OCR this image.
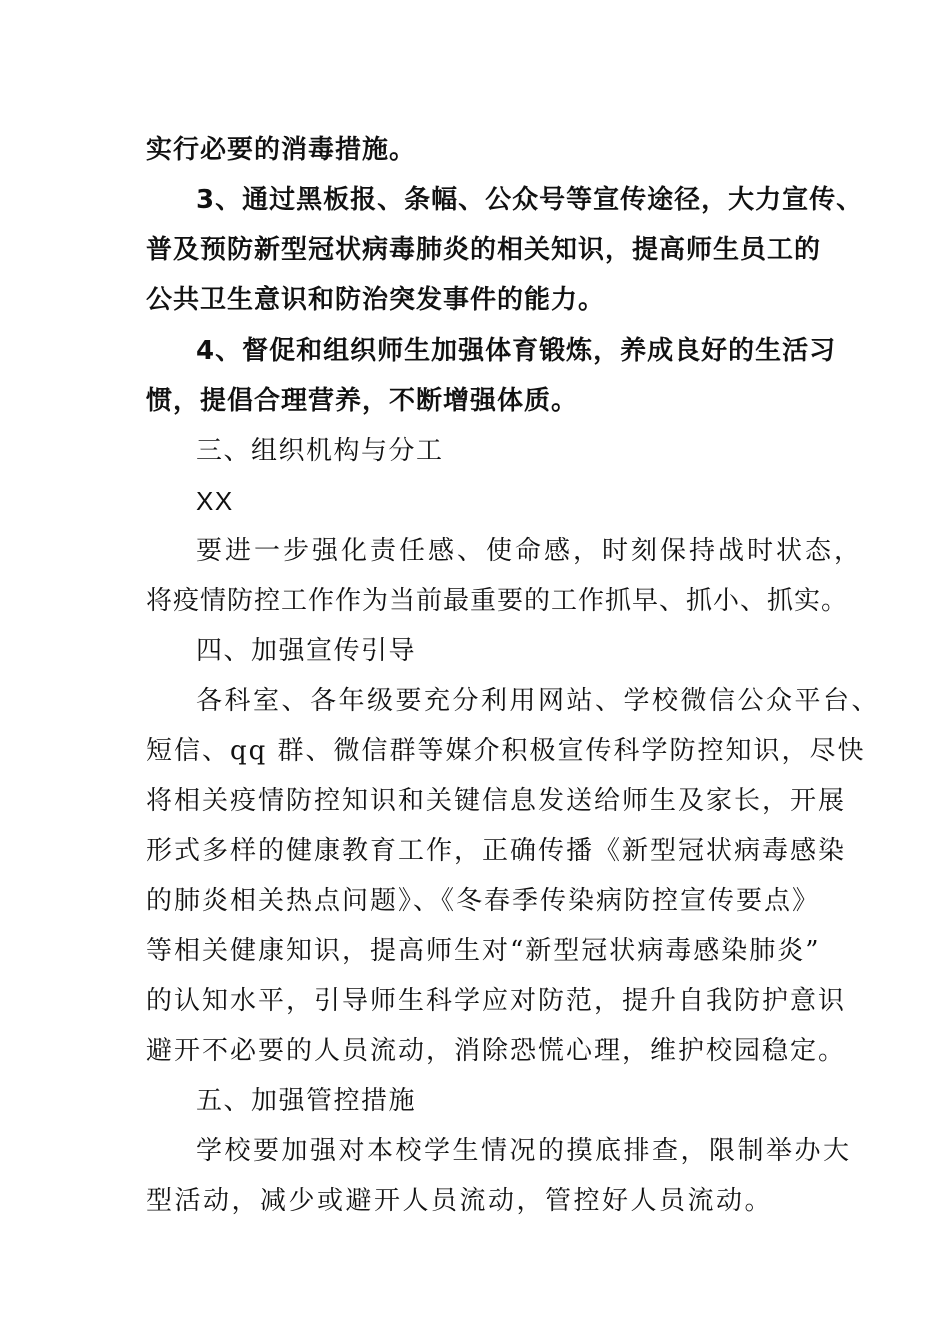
实行必要的消毒措施。
3、通过黑板报、条幅、公众号等宣传途径，大力宣传、
普及预防新型冠状病毒肺炎的相关知识，提高师生员工的
公共卫生意识和防治突发事件的能力。
4、督促和组织师生加强体育锻炼，养成良好的生活习
惯，提倡合理营养，不断增强体质。
三、组织机构与分工
XX
要进一步强化责任感、使命感，时刻保持战时状态，
将疫情防控工作作为当前最重要的工作抓早、抓小、抓实。
四、加强宣传引导
各科室、各年级要充分利用网站、学校微信公众平台、
短信、qq 群、微信群等媒介积极宣传科学防控知识，尽快
将相关疫情防控知识和关键信息发送给师生及家长，开展
形式多样的健康教育工作，正确传播《新型冠状病毒感染
的肺炎相关热点问题》、《冬春季传染病防控宣传要点》
等相关健康知识，提高师生对“新型冠状病毒感染肺炎”
的认知水平，引导师生科学应对防范，提升自我防护意识
避开不必要的人员流动，消除恐慌心理，维护校园稳定。
五、加强管控措施
学校要加强对本校学生情况的摸底排查，限制举办大
型活动，减少或避开人员流动，管控好人员流动。
